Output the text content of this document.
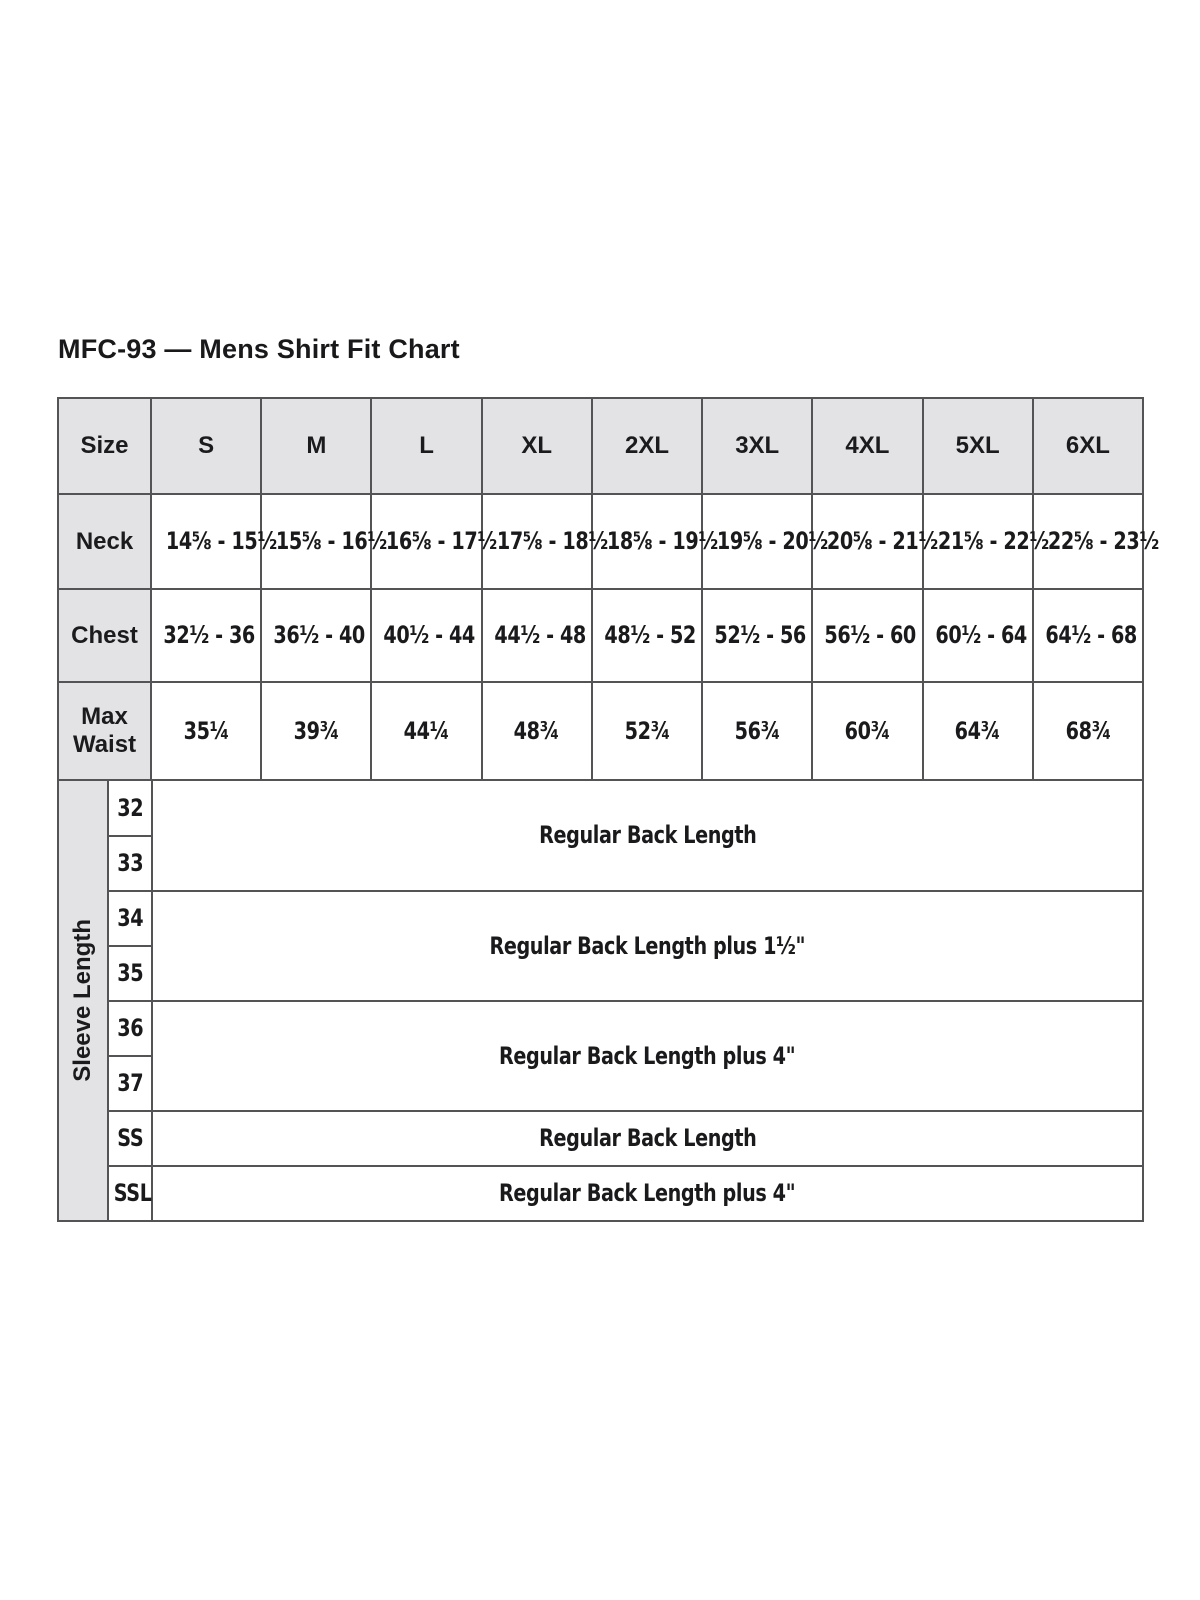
MFC-93 — Mens Shirt Fit Chart
Size	S	M	L	XL	2XL	3XL	4XL	5XL	6XL
Neck	14⅝ - 15½	15⅝ - 16½	16⅝ - 17½	17⅝ - 18½	18⅝ - 19½	19⅝ - 20½	20⅝ - 21½	21⅝ - 22½	22⅝ - 23½
Chest	32½ - 36	36½ - 40	40½ - 44	44½ - 48	48½ - 52	52½ - 56	56½ - 60	60½ - 64	64½ - 68
Max Waist	35¼	39¾	44¼	48¾	52¾	56¾	60¾	64¾	68¾
Sleeve Length	32	Regular Back Length
	33	
	34	Regular Back Length plus 1½"
	35	
	36	Regular Back Length plus 4"
	37	
	SS	Regular Back Length
	SSL	Regular Back Length plus 4"
